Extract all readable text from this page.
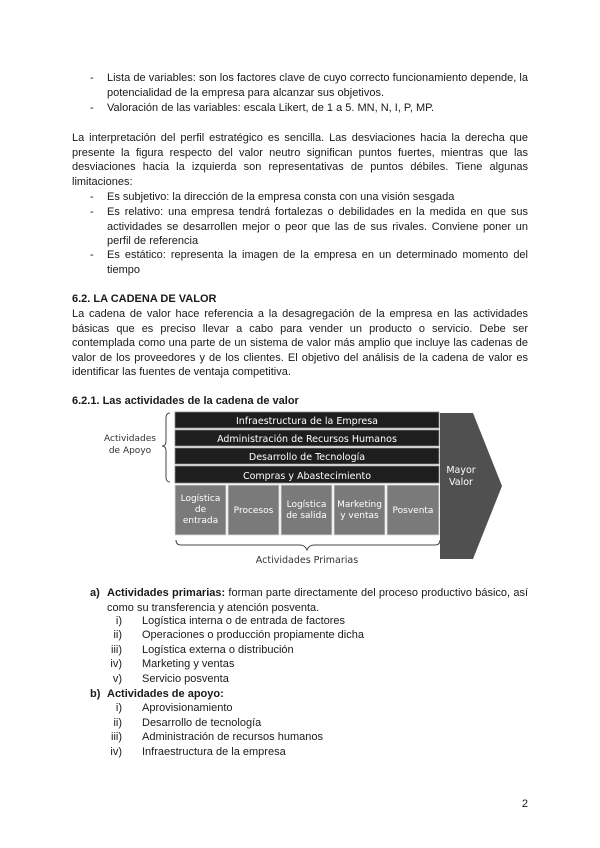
- Lista de variables: son los factores clave de cuyo correcto funcionamiento depende, la potencialidad de la empresa para alcanzar sus objetivos.
- Valoración de las variables: escala Likert, de 1 a 5. MN, N, I, P, MP.
La interpretación del perfil estratégico es sencilla. Las desviaciones hacia la derecha que presente la figura respecto del valor neutro significan puntos fuertes, mientras que las desviaciones hacia la izquierda son representativas de puntos débiles. Tiene algunas limitaciones:
- Es subjetivo: la dirección de la empresa consta con una visión sesgada
- Es relativo: una empresa tendrá fortalezas o debilidades en la medida en que sus actividades se desarrollen mejor o peor que las de sus rivales. Conviene poner un perfil de referencia
- Es estático: representa la imagen de la empresa en un determinado momento del tiempo
6.2. LA CADENA DE VALOR
La cadena de valor hace referencia a la desagregación de la empresa en las actividades básicas que es preciso llevar a cabo para vender un producto o servicio. Debe ser contemplada como una parte de un sistema de valor más amplio que incluye las cadenas de valor de los proveedores y de los clientes. El objetivo del análisis de la cadena de valor es identificar las fuentes de ventaja competitiva.
6.2.1. Las actividades de la cadena de valor
Actividades
de Apoyo
Mayor
Valor
Infraestructura de la Empresa
Administración de Recursos Humanos
Desarrollo de Tecnología
Compras y Abastecimiento
Logística
de
entrada
Procesos
Logística
de salida
Marketing
y ventas Posventa
Actividades Primarias
a) Actividades primarias: forman parte directamente del proceso productivo básico, así como su transferencia y atención posventa.
i) Logística interna o de entrada de factores
ii) Operaciones o producción propiamente dicha
iii) Logística externa o distribución
iv) Marketing y ventas
v) Servicio posventa
b) Actividades de apoyo:
i) Aprovisionamiento
ii) Desarrollo de tecnología
iii) Administración de recursos humanos
iv) Infraestructura de la empresa
2
